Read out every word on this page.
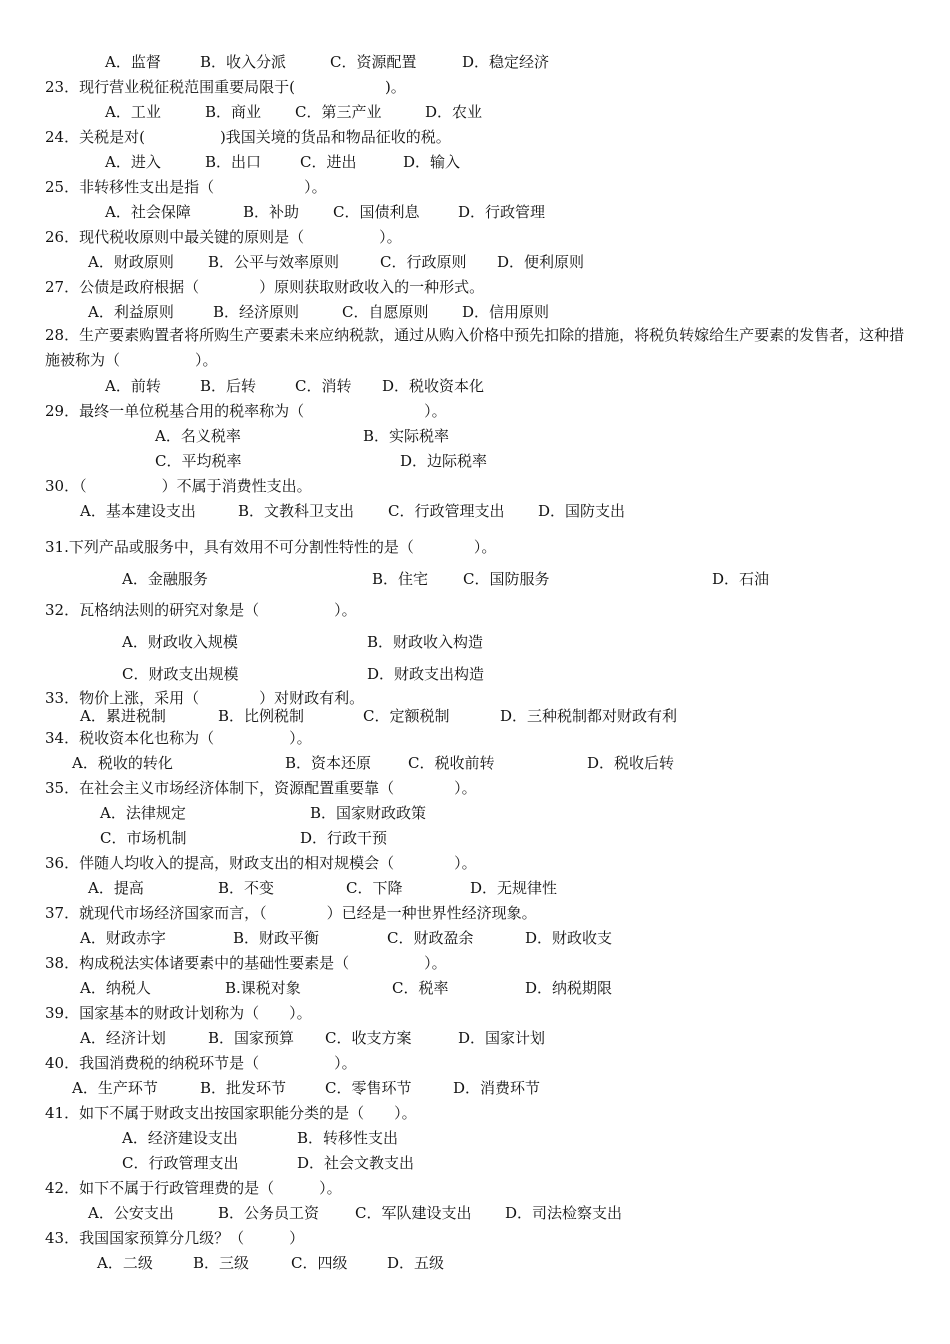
A．监督	B．收入分派	C．资源配置	D．稳定经济
23．现行营业税征税范围重要局限于(　　　　　　)。
A．工业	B．商业 C．第三产业	D．农业
24．关税是对(　　　　　)我国关境的货品和物品征收的税。
A．进入	B．出口	C．进出	D．输入
25．非转移性支出是指（　　　　　　）。
A．社会保障	B．补助 C．国债利息	D．行政管理
26．现代税收原则中最关键的原则是（　　　　　）。
A．财政原则 B．公平与效率原则	C．行政原则 D．便利原则
27．公债是政府根据（　　　　）原则获取财政收入的一种形式。
A．利益原则	B．经济原则	C．自愿原则 D．信用原则
28．生产要素购置者将所购生产要素未来应纳税款，通过从购入价格中预先扣除的措施，将税负转嫁给生产要素的发售者，这种措施被称为（　　　　　）。
A．前转	B．后转	C．消转 D．税收资本化
29．最终一单位税基合用的税率称为（　　　　　　　　）。
A．名义税率	B．实际税率
C．平均税率	D．边际税率
30．（　　　　　）不属于消费性支出。
A．基本建设支出	B．文教科卫支出 C．行政管理支出 D．国防支出
31.下列产品或服务中，具有效用不可分割性特性的是（　　　　）。
A．金融服务	B．住宅 C．国防服务	D．石油
32．瓦格纳法则的研究对象是（　　　　　）。
A．财政收入规模	B．财政收入构造
C．财政支出规模	D．财政支出构造
33．物价上涨，采用（　　　　）对财政有利。
A．累进税制	B．比例税制	C．定额税制	D．三种税制都对财政有利
34．税收资本化也称为（　　　　　）。
A．税收的转化	B．资本还原 C．税收前转	D．税收后转
35．在社会主义市场经济体制下，资源配置重要靠（　　　　）。
A．法律规定	B．国家财政政策
C．市场机制	D．行政干预
36．伴随人均收入的提高，财政支出的相对规模会（　　　　）。
A．提高	B．不变	C．下降	D．无规律性
37．就现代市场经济国家而言，（　　　　）已经是一种世界性经济现象。
A．财政赤字	B．财政平衡	C．财政盈余	D．财政收支
38．构成税法实体诸要素中的基础性要素是（　　　　　）。
A．纳税人	B.课税对象	C．税率	D．纳税期限
39．国家基本的财政计划称为（　　）。
A．经济计划	B．国家预算 C．收支方案	D．国家计划
40．我国消费税的纳税环节是（　　　　　）。
A．生产环节	B．批发环节	C．零售环节	D．消费环节
41．如下不属于财政支出按国家职能分类的是（　　）。
A．经济建设支出	B．转移性支出
C．行政管理支出	D．社会文教支出
42．如下不属于行政管理费的是（　　　）。
A．公安支出	B．公务员工资 C．军队建设支出 D．司法检察支出
43．我国国家预算分几级？（　　　）
A．二级	B．三级	C．四级	D．五级
